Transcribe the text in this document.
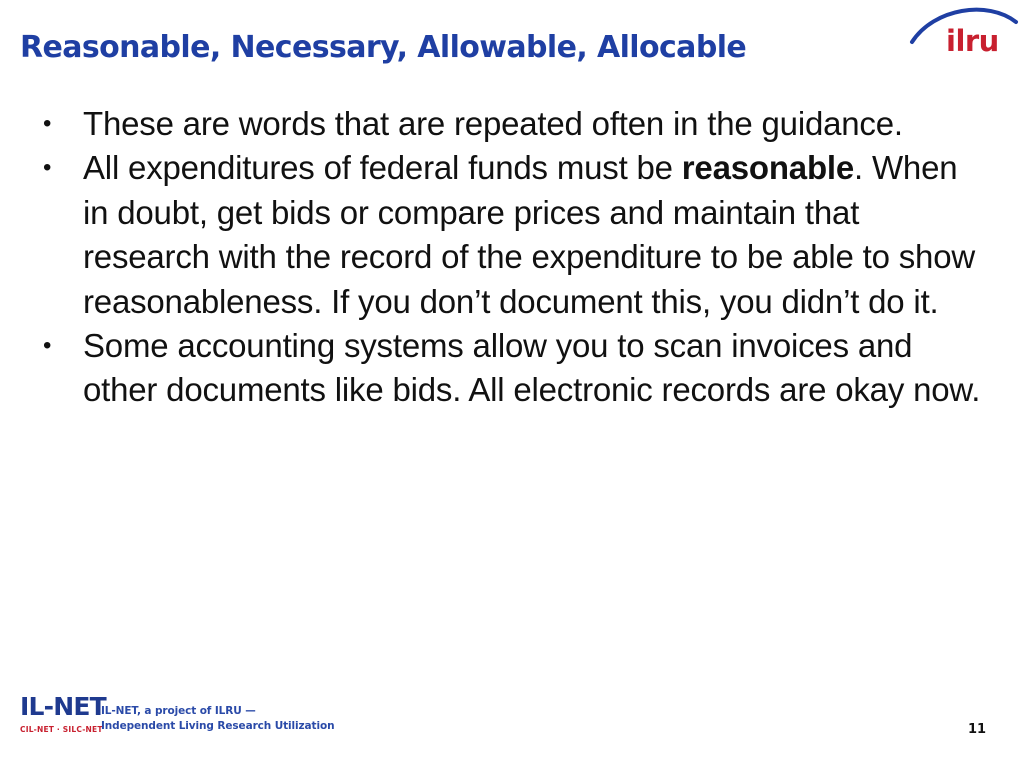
Reasonable, Necessary, Allowable, Allocable	ilru
• These are words that are repeated often in the guidance.
• All expenditures of federal funds must be reasonable. When in doubt, get bids or compare prices and maintain that research with the record of the expenditure to be able to show reasonableness. If you don’t document this, you didn’t do it.
• Some accounting systems allow you to scan invoices and other documents like bids. All electronic records are okay now.
IL-NET
CIL-NET · SILC-NET
IL-NET, a project of ILRU —
Independent Living Research Utilization	11
